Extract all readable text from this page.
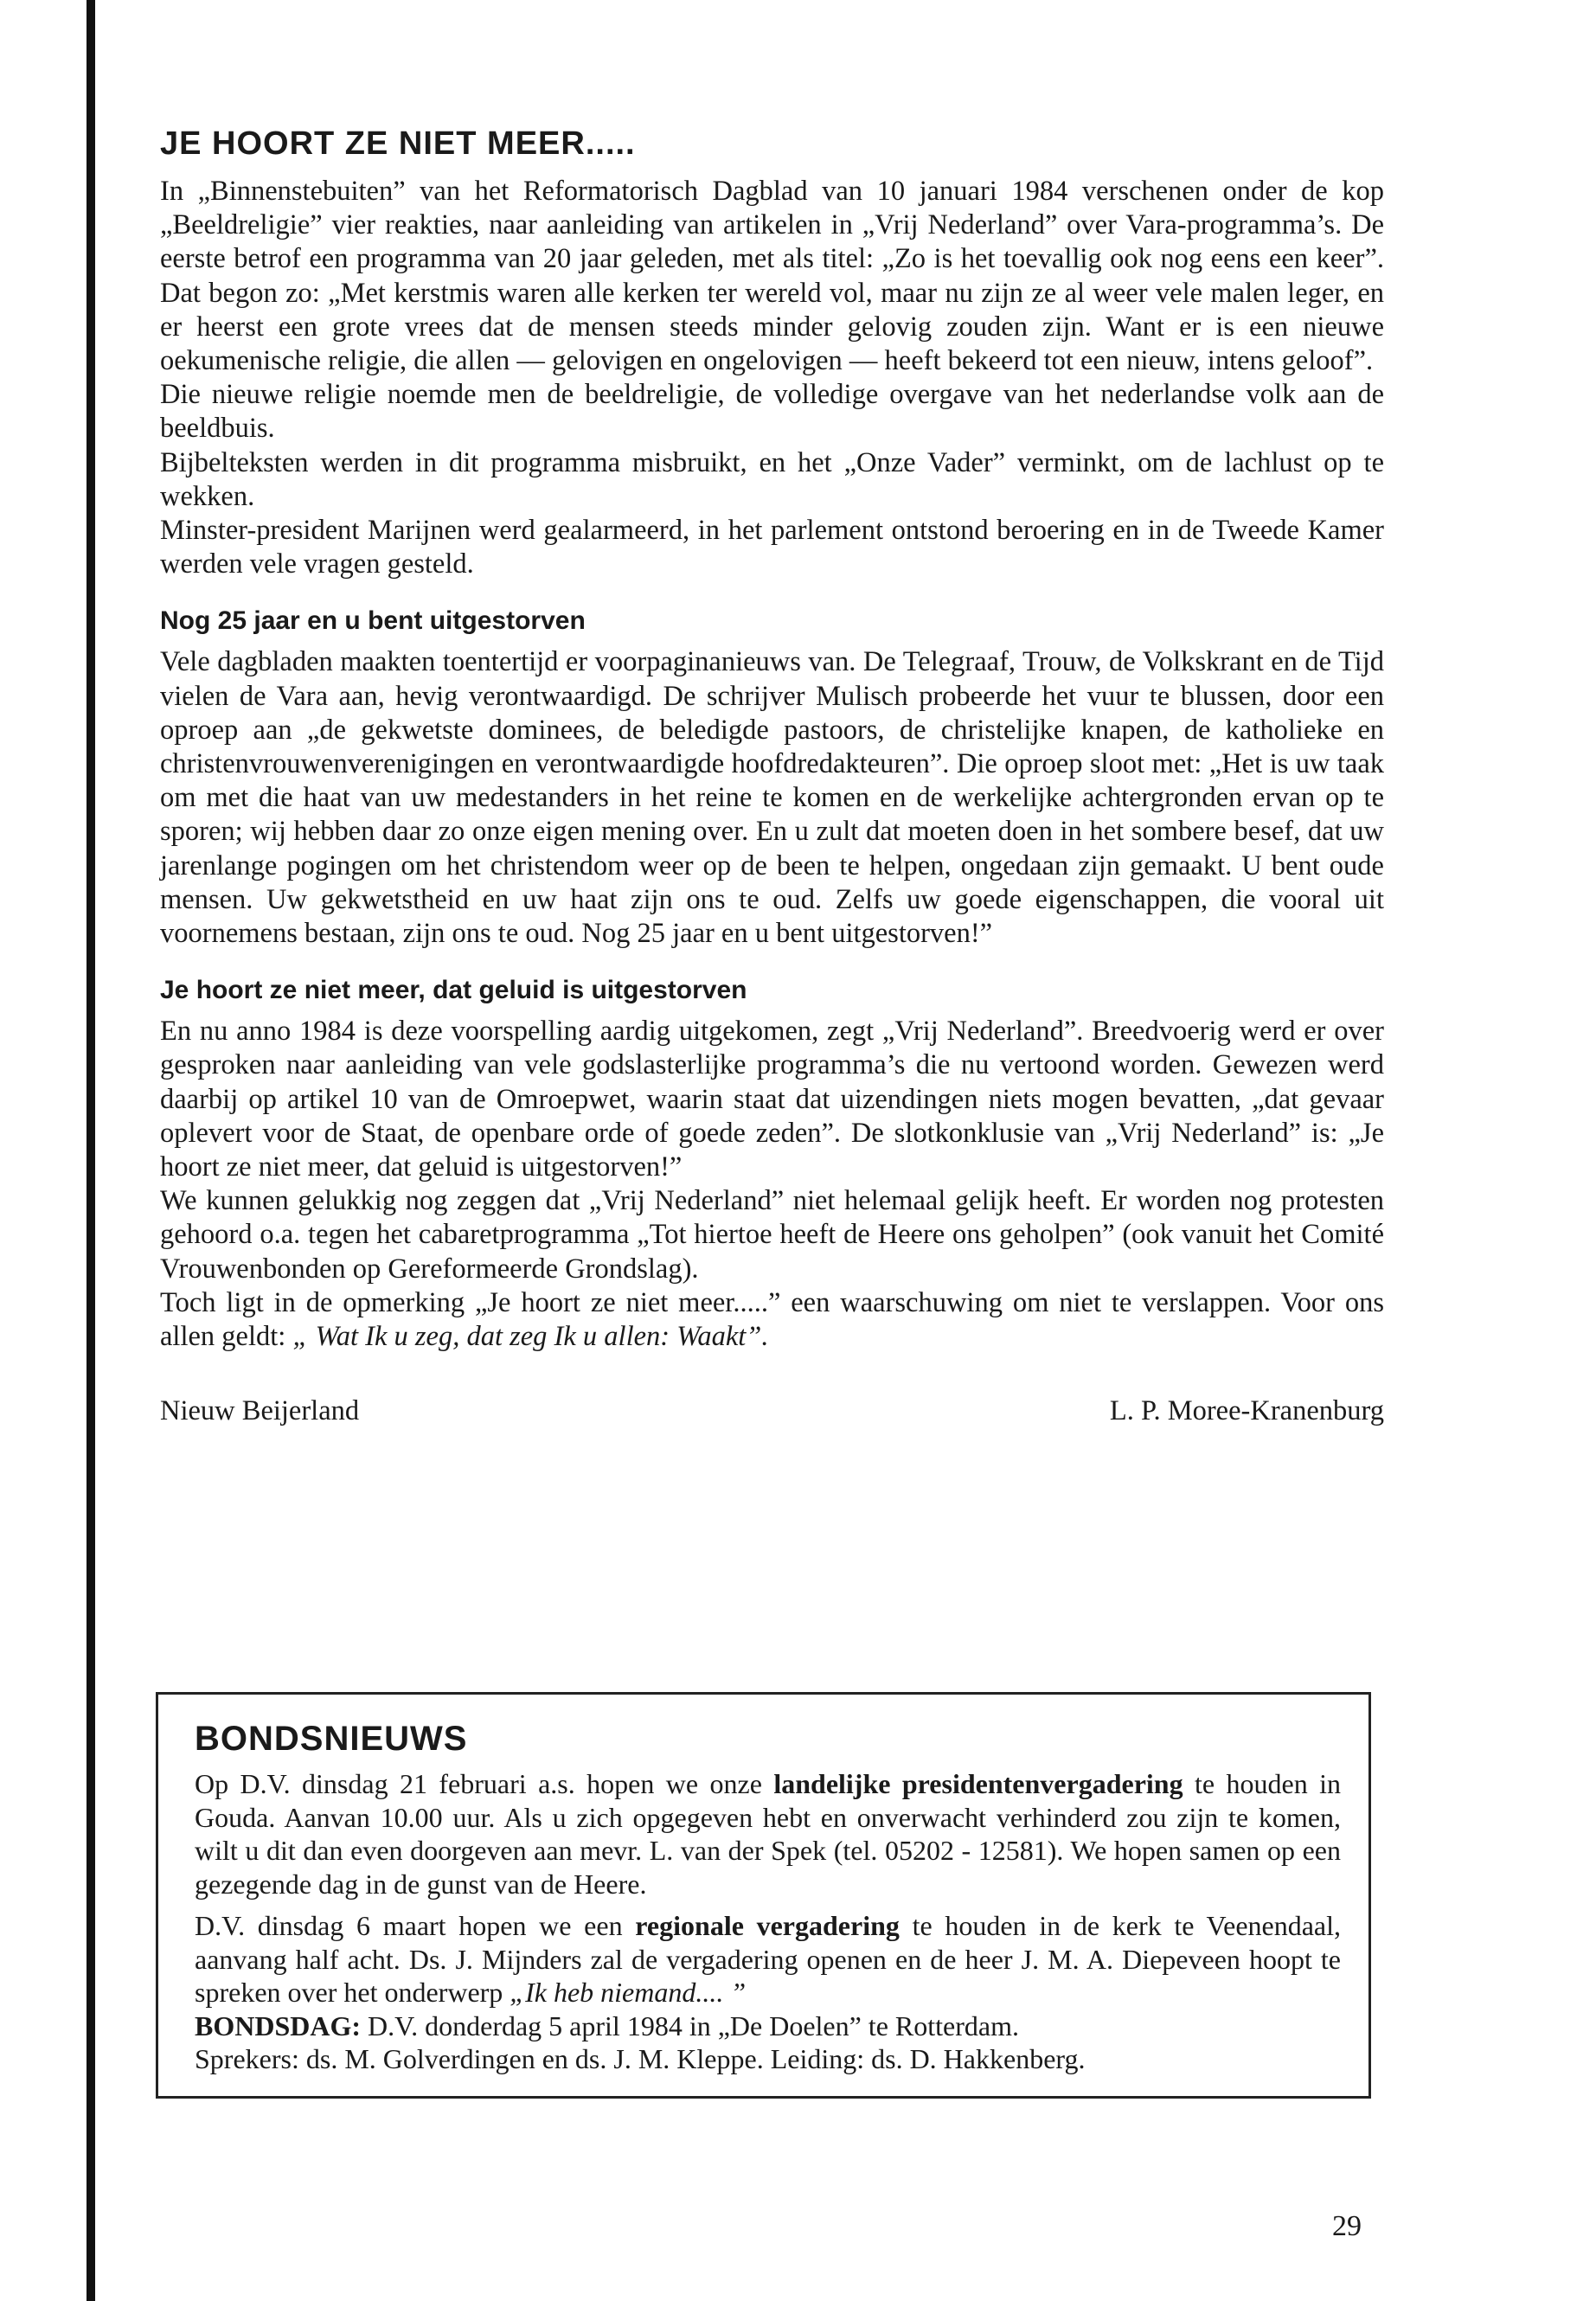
JE HOORT ZE NIET MEER.....

In „Binnenstebuiten” van het Reformatorisch Dagblad van 10 januari 1984 verschenen onder de kop „Beeldreligie” vier reakties, naar aanleiding van artikelen in „Vrij Nederland” over Vara-programma’s. De eerste betrof een programma van 20 jaar geleden, met als titel: „Zo is het toevallig ook nog eens een keer”. Dat begon zo: „Met kerstmis waren alle kerken ter wereld vol, maar nu zijn ze al weer vele malen leger, en er heerst een grote vrees dat de mensen steeds minder gelovig zouden zijn. Want er is een nieuwe oekumenische religie, die allen — gelovigen en ongelovigen — heeft bekeerd tot een nieuw, intens geloof”.

Die nieuwe religie noemde men de beeldreligie, de volledige overgave van het nederlandse volk aan de beeldbuis.

Bijbelteksten werden in dit programma misbruikt, en het „Onze Vader” verminkt, om de lachlust op te wekken.

Minster-president Marijnen werd gealarmeerd, in het parlement ontstond beroering en in de Tweede Kamer werden vele vragen gesteld.

Nog 25 jaar en u bent uitgestorven

Vele dagbladen maakten toentertijd er voorpaginanieuws van. De Telegraaf, Trouw, de Volkskrant en de Tijd vielen de Vara aan, hevig verontwaardigd. De schrijver Mulisch probeerde het vuur te blussen, door een oproep aan „de gekwetste dominees, de beledigde pastoors, de christelijke knapen, de katholieke en christenvrouwenverenigingen en verontwaardigde hoofdredakteuren”. Die oproep sloot met: „Het is uw taak om met die haat van uw medestanders in het reine te komen en de werkelijke achtergronden ervan op te sporen; wij hebben daar zo onze eigen mening over. En u zult dat moeten doen in het sombere besef, dat uw jarenlange pogingen om het christendom weer op de been te helpen, ongedaan zijn gemaakt. U bent oude mensen. Uw gekwetstheid en uw haat zijn ons te oud. Zelfs uw goede eigenschappen, die vooral uit voornemens bestaan, zijn ons te oud. Nog 25 jaar en u bent uitgestorven!”

Je hoort ze niet meer, dat geluid is uitgestorven

En nu anno 1984 is deze voorspelling aardig uitgekomen, zegt „Vrij Nederland”. Breedvoerig werd er over gesproken naar aanleiding van vele godslasterlijke programma’s die nu vertoond worden. Gewezen werd daarbij op artikel 10 van de Omroepwet, waarin staat dat uizendingen niets mogen bevatten, „dat gevaar oplevert voor de Staat, de openbare orde of goede zeden”. De slotkonklusie van „Vrij Nederland” is: „Je hoort ze niet meer, dat geluid is uitgestorven!”

We kunnen gelukkig nog zeggen dat „Vrij Nederland” niet helemaal gelijk heeft. Er worden nog protesten gehoord o.a. tegen het cabaretprogramma „Tot hiertoe heeft de Heere ons geholpen” (ook vanuit het Comité Vrouwenbonden op Gereformeerde Grondslag).

Toch ligt in de opmerking „Je hoort ze niet meer.....” een waarschuwing om niet te verslappen. Voor ons allen geldt: „ Wat Ik u zeg, dat zeg Ik u allen: Waakt”.

Nieuw Beijerland	L. P. Moree-Kranenburg
BONDSNIEUWS

Op D.V. dinsdag 21 februari a.s. hopen we onze landelijke presidentenvergadering te houden in Gouda. Aanvan 10.00 uur. Als u zich opgegeven hebt en onverwacht verhinderd zou zijn te komen, wilt u dit dan even doorgeven aan mevr. L. van der Spek (tel. 05202 - 12581). We hopen samen op een gezegende dag in de gunst van de Heere.

D.V. dinsdag 6 maart hopen we een regionale vergadering te houden in de kerk te Veenendaal, aanvang half acht. Ds. J. Mijnders zal de vergadering openen en de heer J. M. A. Diepeveen hoopt te spreken over het onderwerp „Ik heb niemand.... ”

BONDSDAG: D.V. donderdag 5 april 1984 in „De Doelen” te Rotterdam.

Sprekers: ds. M. Golverdingen en ds. J. M. Kleppe. Leiding: ds. D. Hakkenberg.

29
